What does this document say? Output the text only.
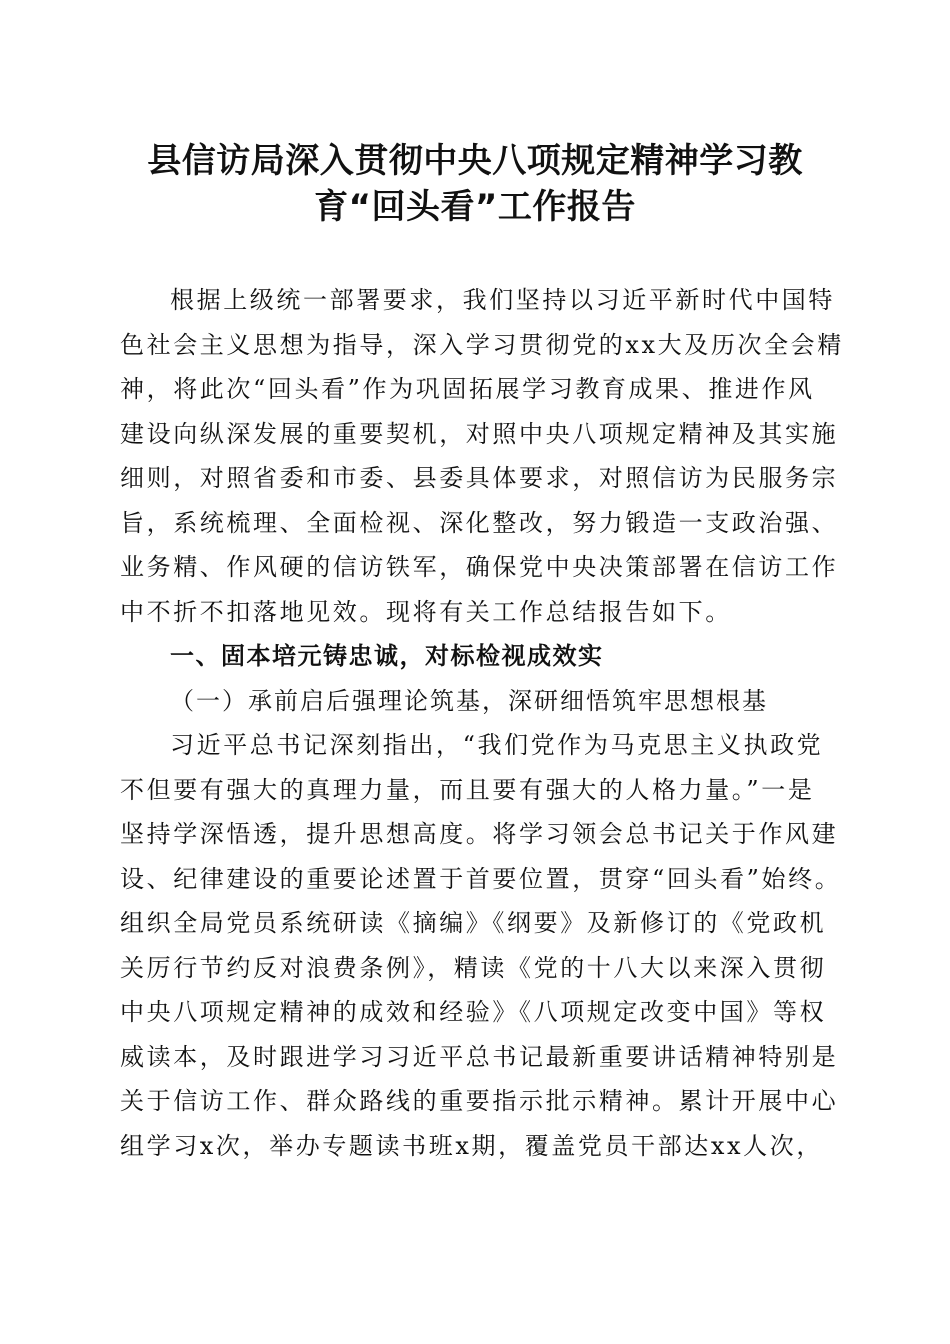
县信访局深入贯彻中央八项规定精神学习教
育“回头看”工作报告
根据上级统一部署要求，我们坚持以习近平新时代中国特
色社会主义思想为指导，深入学习贯彻党的xx大及历次全会精
神，将此次“回头看”作为巩固拓展学习教育成果、推进作风
建设向纵深发展的重要契机，对照中央八项规定精神及其实施
细则，对照省委和市委、县委具体要求，对照信访为民服务宗
旨，系统梳理、全面检视、深化整改，努力锻造一支政治强、
业务精、作风硬的信访铁军，确保党中央决策部署在信访工作
中不折不扣落地见效。现将有关工作总结报告如下。
一、固本培元铸忠诚，对标检视成效实
（一）承前启后强理论筑基，深研细悟筑牢思想根基
习近平总书记深刻指出，“我们党作为马克思主义执政党
不但要有强大的真理力量，而且要有强大的人格力量。”一是
坚持学深悟透，提升思想高度。将学习领会总书记关于作风建
设、纪律建设的重要论述置于首要位置，贯穿“回头看”始终。
组织全局党员系统研读《摘编》《纲要》及新修订的《党政机
关厉行节约反对浪费条例》，精读《党的十八大以来深入贯彻
中央八项规定精神的成效和经验》《八项规定改变中国》等权
威读本，及时跟进学习习近平总书记最新重要讲话精神特别是
关于信访工作、群众路线的重要指示批示精神。累计开展中心
组学习x次，举办专题读书班x期，覆盖党员干部达xx人次，
